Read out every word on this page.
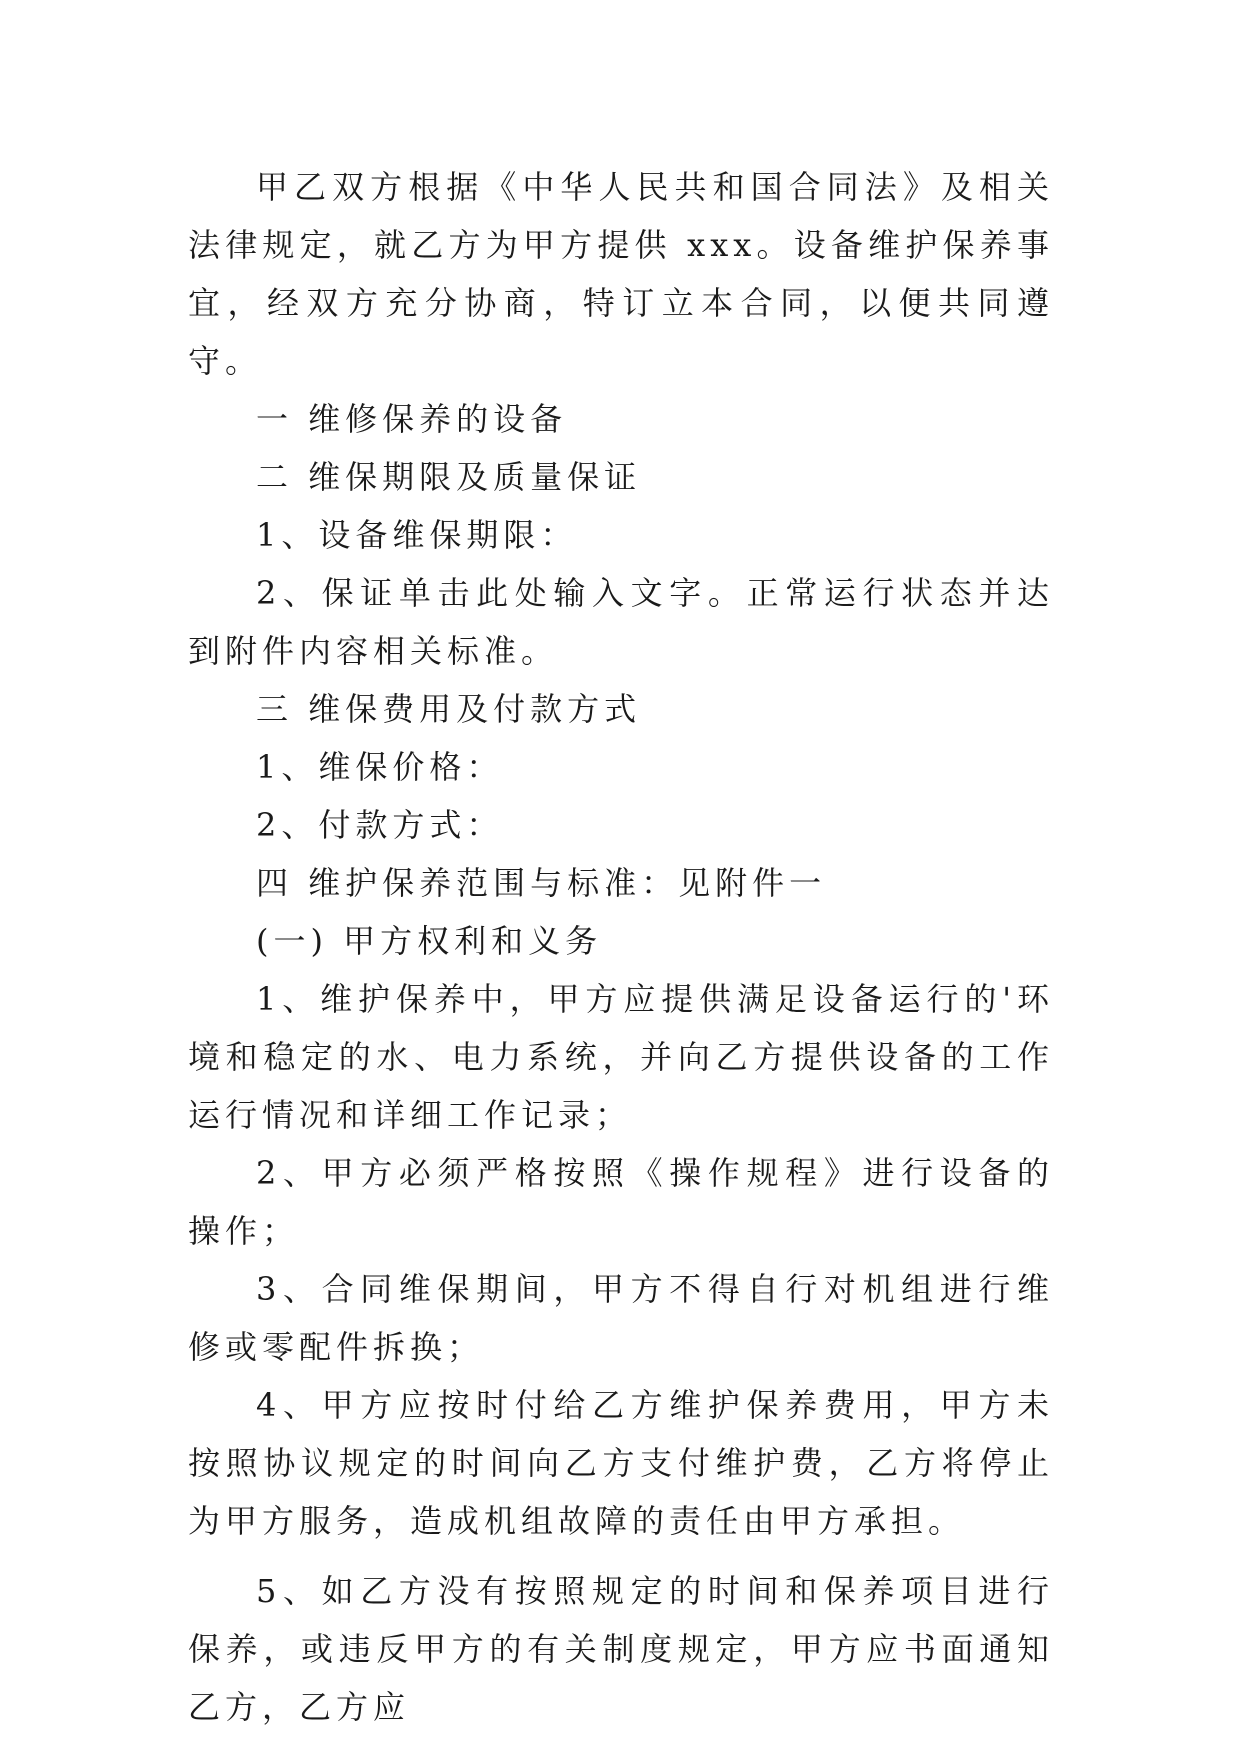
甲乙双方根据《中华人民共和国合同法》及相关法律规定，就乙方为甲方提供 xxx。设备维护保养事宜，经双方充分协商，特订立本合同，以便共同遵守。

一 维修保养的设备

二 维保期限及质量保证

1、设备维保期限：

2、保证单击此处输入文字。正常运行状态并达到附件内容相关标准。

三 维保费用及付款方式

1、维保价格：

2、付款方式：

四 维护保养范围与标准：见附件一

(一) 甲方权利和义务

1、维护保养中，甲方应提供满足设备运行的'环境和稳定的水、电力系统，并向乙方提供设备的工作运行情况和详细工作记录；

2、甲方必须严格按照《操作规程》进行设备的操作；

3、合同维保期间，甲方不得自行对机组进行维修或零配件拆换；

4、甲方应按时付给乙方维护保养费用，甲方未按照协议规定的时间向乙方支付维护费，乙方将停止为甲方服务，造成机组故障的责任由甲方承担。

5、如乙方没有按照规定的时间和保养项目进行保养，或违反甲方的有关制度规定，甲方应书面通知乙方，乙方应
